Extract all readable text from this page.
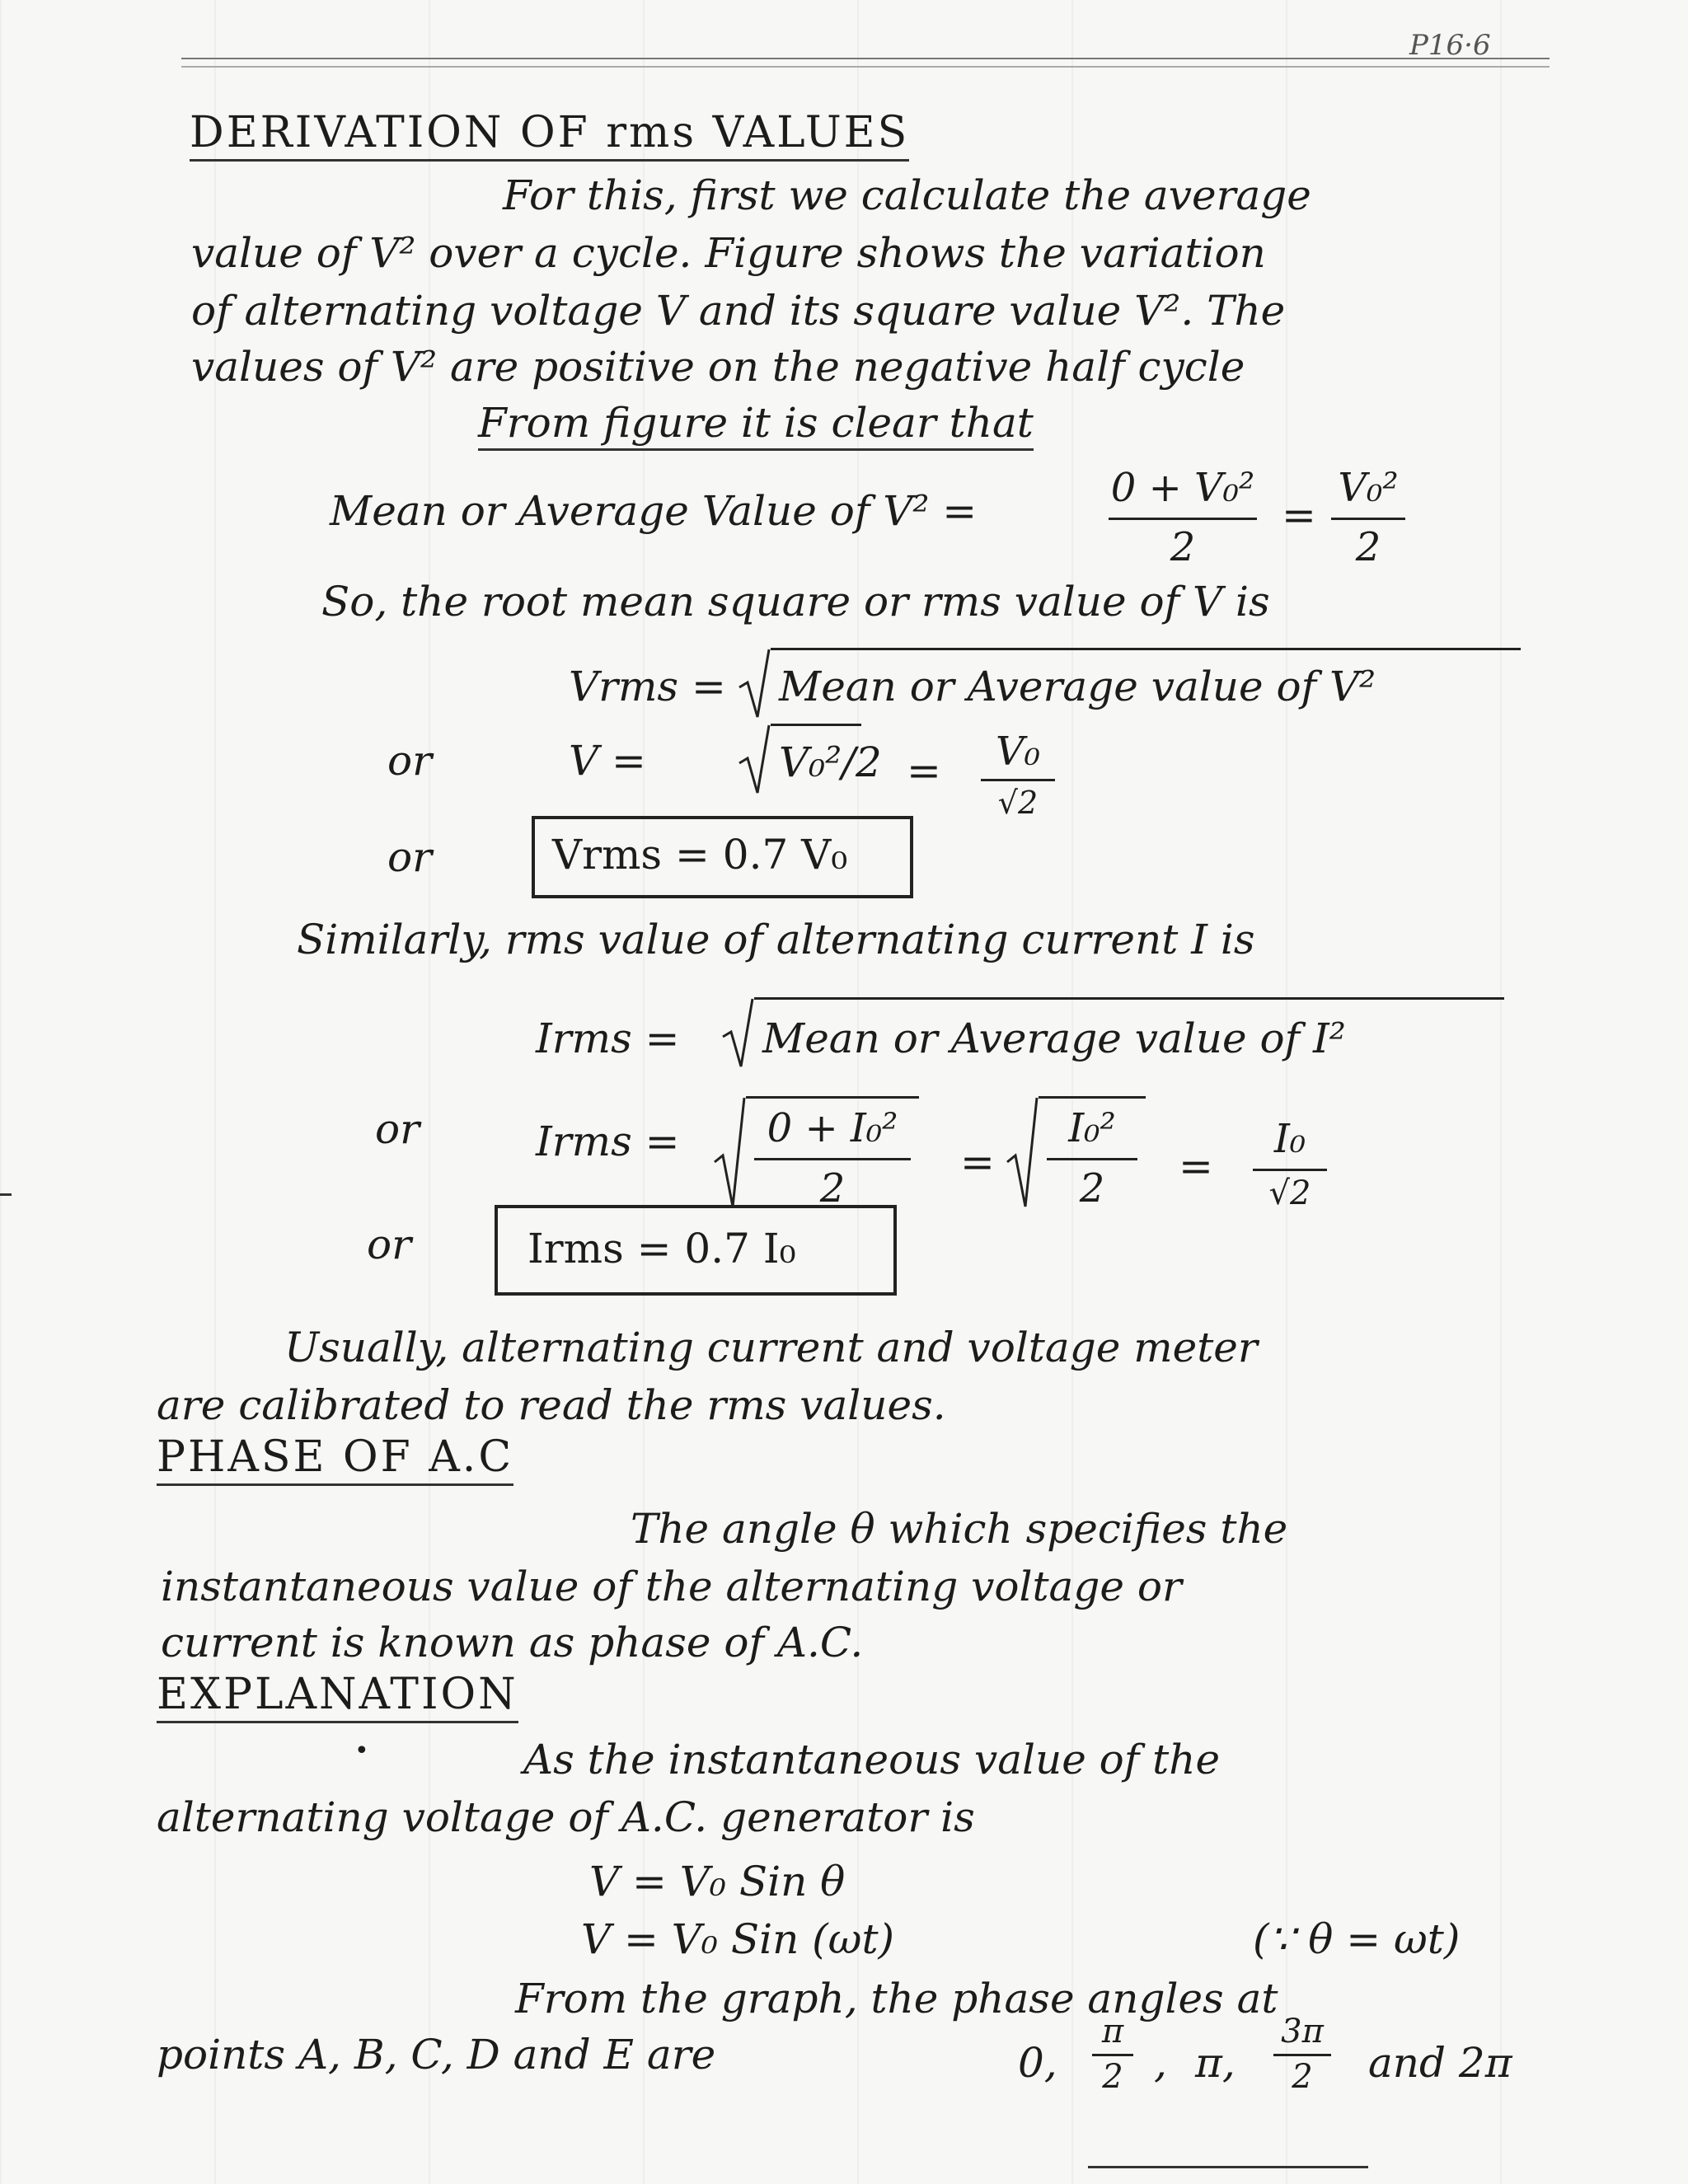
P16·6
DERIVATION OF rms VALUES
For this, first we calculate the average
value of V² over a cycle. Figure shows the variation
of alternating voltage V and its square value V². The
values of V² are positive on the negative half cycle
From figure it is clear that
Mean or Average Value of V² =	0 + V₀²
2
=
V₀²
2
So, the root mean square or rms value of V is
Vrms = Mean or Average value of V²
or	V =	V₀²/2 =	V₀
√2
or	Vrms = 0.7 V₀
Similarly, rms value of alternating current I is
Irms = Mean or Average value of I²
or	Irms =	0 + I₀²
2
=
I₀²
2	=
I₀
√2
or	Irms = 0.7 I₀
Usually, alternating current and voltage meter
are calibrated to read the rms values.
PHASE OF A.C
The angle θ which specifies the
instantaneous value of the alternating voltage or
current is known as phase of A.C.
EXPLANATION
•	As the instantaneous value of the
alternating voltage of A.C. generator is
V = V₀ Sin θ
V = V₀ Sin (ωt)	(∵ θ = ωt)
From the graph, the phase angles at
points A, B, C, D and E are	0,
π
2 , π,
3π
2	and 2π
